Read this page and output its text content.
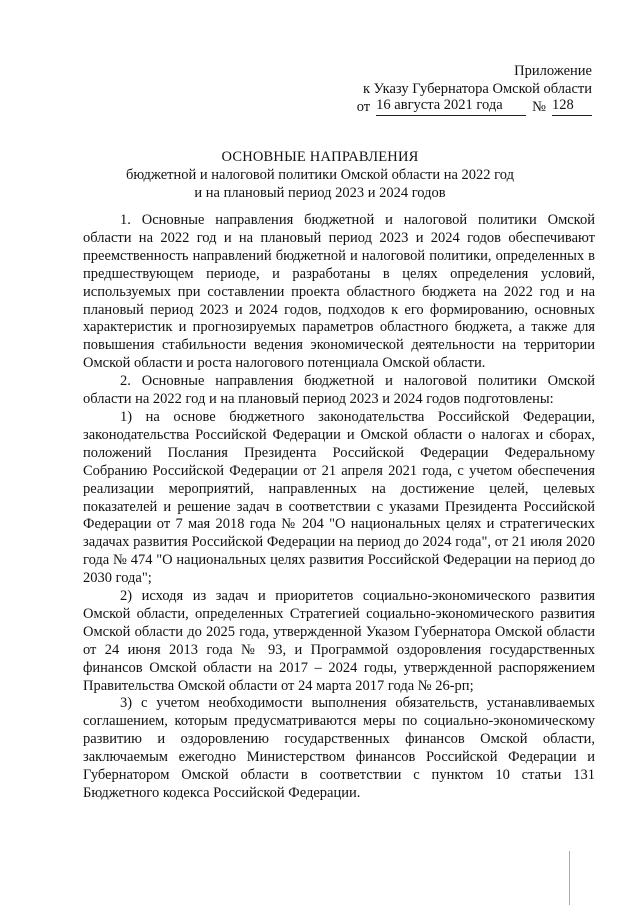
Приложение
к Указу Губернатора Омской области
от 16 августа 2021 года	№ 128
ОСНОВНЫЕ НАПРАВЛЕНИЯ
бюджетной и налоговой политики Омской области на 2022 год
и на плановый период 2023 и 2024 годов

1. Основные направления бюджетной и налоговой политики Омской области на 2022 год и на плановый период 2023 и 2024 годов обеспечивают преемственность направлений бюджетной и налоговой политики, определенных в предшествующем периоде, и разработаны в целях определения условий, используемых при составлении проекта областного бюджета на 2022 год и на плановый период 2023 и 2024 годов, подходов к его формированию, основных характеристик и прогнозируемых параметров областного бюджета, а также для повышения стабильности ведения экономической деятельности на территории Омской области и роста налогового потенциала Омской области.

2. Основные направления бюджетной и налоговой политики Омской области на 2022 год и на плановый период 2023 и 2024 годов подготовлены:

1) на основе бюджетного законодательства Российской Федерации, законодательства Российской Федерации и Омской области о налогах и сборах, положений Послания Президента Российской Федерации Федеральному Собранию Российской Федерации от 21 апреля 2021 года, с учетом обеспечения реализации мероприятий, направленных на достижение целей, целевых показателей и решение задач в соответствии с указами Президента Российской Федерации от 7 мая 2018 года № 204 "О национальных целях и стратегических задачах развития Российской Федерации на период до 2024 года", от 21 июля 2020 года № 474 "О национальных целях развития Российской Федерации на период до 2030 года";

2) исходя из задач и приоритетов социально-экономического развития Омской области, определенных Стратегией социально-экономического развития Омской области до 2025 года, утвержденной Указом Губернатора Омской области от 24 июня 2013 года № 93, и Программой оздоровления государственных финансов Омской области на 2017 – 2024 годы, утвержденной распоряжением Правительства Омской области от 24 марта 2017 года № 26-рп;

3) с учетом необходимости выполнения обязательств, устанавливаемых соглашением, которым предусматриваются меры по социально-экономическому развитию и оздоровлению государственных финансов Омской области, заключаемым ежегодно Министерством финансов Российской Федерации и Губернатором Омской области в соответствии с пунктом 10 статьи 131 Бюджетного кодекса Российской Федерации.
